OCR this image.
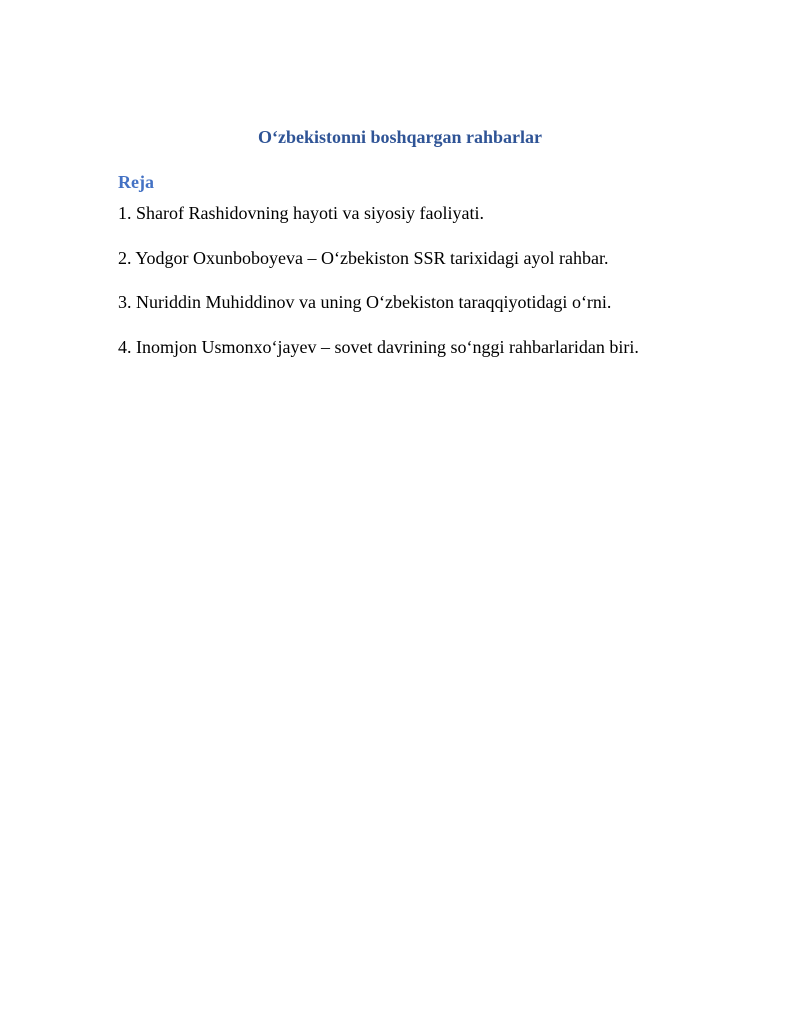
O‘zbekistonni boshqargan rahbarlar
Reja
1. Sharof Rashidovning hayoti va siyosiy faoliyati.
2. Yodgor Oxunboboyeva – O‘zbekiston SSR tarixidagi ayol rahbar.
3. Nuriddin Muhiddinov va uning O‘zbekiston taraqqiyotidagi o‘rni.
4. Inomjon Usmonxo‘jayev – sovet davrining so‘nggi rahbarlaridan biri.
